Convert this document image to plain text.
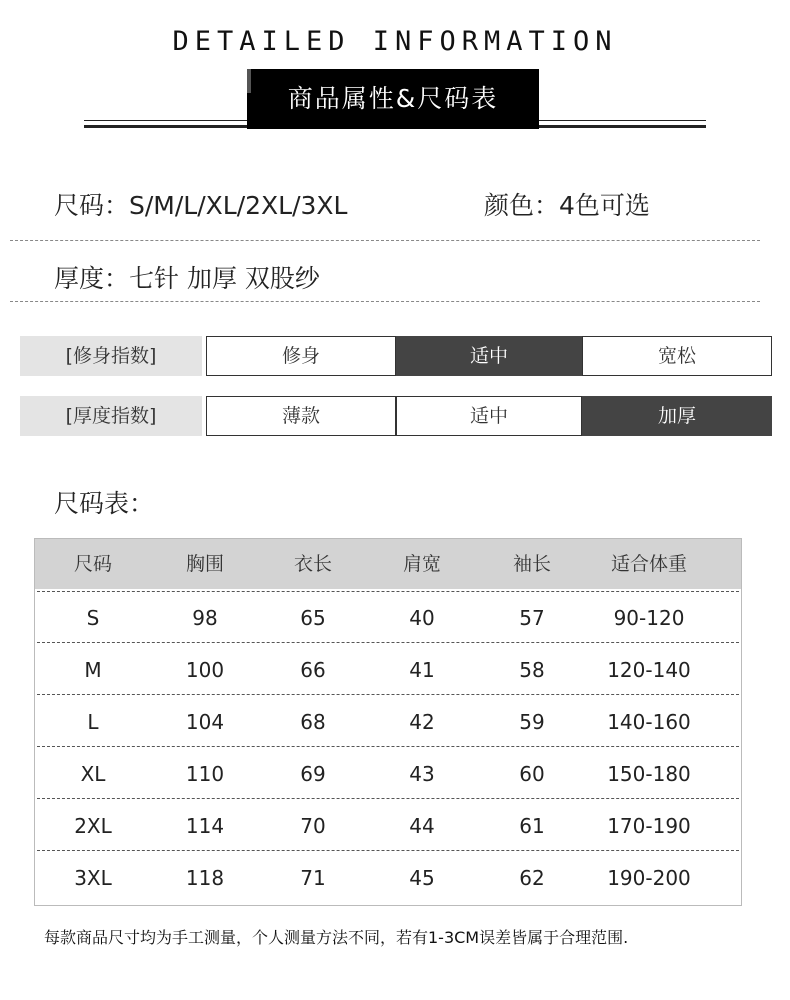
DETAILED INFORMATION
商品属性&尺码表
尺码：S/M/L/XL/2XL/3XL	颜色：4色可选
厚度：七针 加厚 双股纱
[修身指数]	修身	适中	宽松
[厚度指数]	薄款	适中	加厚
尺码表：
尺码	胸围	衣长	肩宽	袖长	适合体重
S	98	65	40	57	90-120
M	100	66	41	58	120-140
L	104	68	42	59	140-160
XL	110	69	43	60	150-180
2XL	114	70	44	61	170-190
3XL	118	71	45	62	190-200
每款商品尺寸均为手工测量，个人测量方法不同，若有1-3CM误差皆属于合理范围.
